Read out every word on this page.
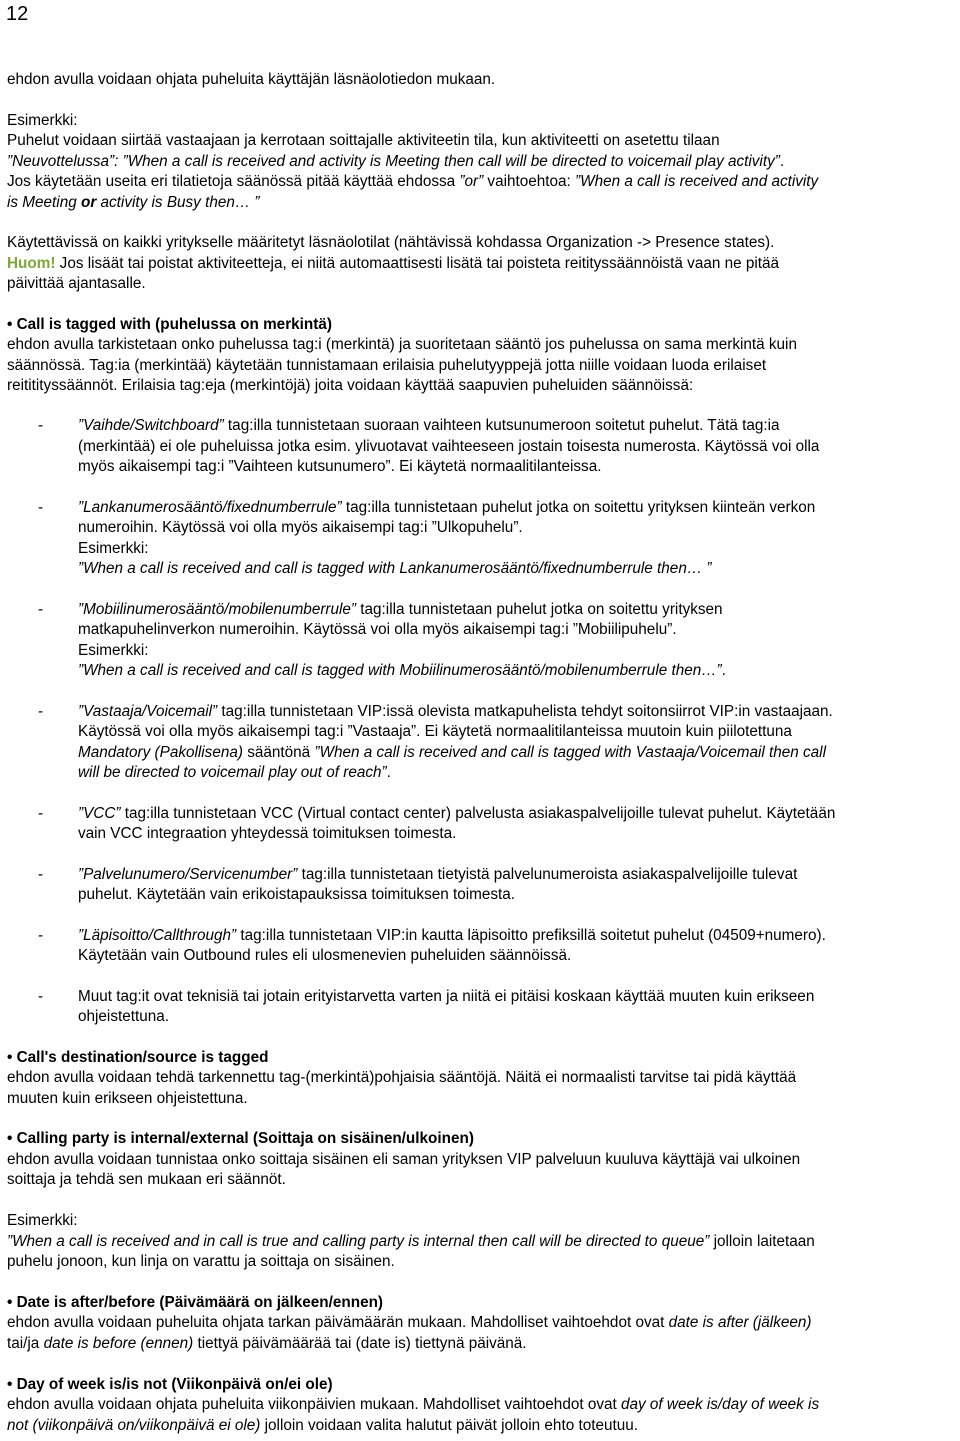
12
ehdon avulla voidaan ohjata puheluita käyttäjän läsnäolotiedon mukaan.
Esimerkki:
Puhelut voidaan siirtää vastaajaan ja kerrotaan soittajalle aktiviteetin tila, kun aktiviteetti on asetettu tilaan
”Neuvottelussa”: ”When a call is received and activity is Meeting then call will be directed to voicemail play activity”.
Jos käytetään useita eri tilatietoja säänössä pitää käyttää ehdossa ”or” vaihtoehtoa: ”When a call is received and activity
is Meeting or activity is Busy then… ”
Käytettävissä on kaikki yritykselle määritetyt läsnäolotilat (nähtävissä kohdassa Organization -> Presence states).
Huom! Jos lisäät tai poistat aktiviteetteja, ei niitä automaattisesti lisätä tai poisteta reitityssäännöistä vaan ne pitää
päivittää ajantasalle.
• Call is tagged with (puhelussa on merkintä)
ehdon avulla tarkistetaan onko puhelussa tag:i (merkintä) ja suoritetaan sääntö jos puhelussa on sama merkintä kuin
säännössä. Tag:ia (merkintää) käytetään tunnistamaan erilaisia puhelutyyppejä jotta niille voidaan luoda erilaiset
reititityssäännöt. Erilaisia tag:eja (merkintöjä) joita voidaan käyttää saapuvien puheluiden säännöissä:
- ”Vaihde/Switchboard” tag:illa tunnistetaan suoraan vaihteen kutsunumeroon soitetut puhelut. Tätä tag:ia
(merkintää) ei ole puheluissa jotka esim. ylivuotavat vaihteeseen jostain toisesta numerosta. Käytössä voi olla
myös aikaisempi tag:i ”Vaihteen kutsunumero”. Ei käytetä normaalitilanteissa.
- ”Lankanumerosääntö/fixednumberrule” tag:illa tunnistetaan puhelut jotka on soitettu yrityksen kiinteän verkon
numeroihin. Käytössä voi olla myös aikaisempi tag:i ”Ulkopuhelu”.
Esimerkki:
”When a call is received and call is tagged with Lankanumerosääntö/fixednumberrule then… ”
- ”Mobiilinumerosääntö/mobilenumberrule” tag:illa tunnistetaan puhelut jotka on soitettu yrityksen
matkapuhelinverkon numeroihin. Käytössä voi olla myös aikaisempi tag:i ”Mobiilipuhelu”.
Esimerkki:
”When a call is received and call is tagged with Mobiilinumerosääntö/mobilenumberrule then…”.
- ”Vastaaja/Voicemail” tag:illa tunnistetaan VIP:issä olevista matkapuhelista tehdyt soitonsiirrot VIP:in vastaajaan.
Käytössä voi olla myös aikaisempi tag:i ”Vastaaja”. Ei käytetä normaalitilanteissa muutoin kuin piilotettuna
Mandatory (Pakollisena) sääntönä ”When a call is received and call is tagged with Vastaaja/Voicemail then call
will be directed to voicemail play out of reach”.
- ”VCC” tag:illa tunnistetaan VCC (Virtual contact center) palvelusta asiakaspalvelijoille tulevat puhelut. Käytetään
vain VCC integraation yhteydessä toimituksen toimesta.
- ”Palvelunumero/Servicenumber” tag:illa tunnistetaan tietyistä palvelunumeroista asiakaspalvelijoille tulevat
puhelut. Käytetään vain erikoistapauksissa toimituksen toimesta.
- ”Läpisoitto/Callthrough” tag:illa tunnistetaan VIP:in kautta läpisoitto prefiksillä soitetut puhelut (04509+numero).
Käytetään vain Outbound rules eli ulosmenevien puheluiden säännöissä.
- Muut tag:it ovat teknisiä tai jotain erityistarvetta varten ja niitä ei pitäisi koskaan käyttää muuten kuin erikseen
ohjeistettuna.
• Call's destination/source is tagged
ehdon avulla voidaan tehdä tarkennettu tag-(merkintä)pohjaisia sääntöjä. Näitä ei normaalisti tarvitse tai pidä käyttää
muuten kuin erikseen ohjeistettuna.
• Calling party is internal/external (Soittaja on sisäinen/ulkoinen)
ehdon avulla voidaan tunnistaa onko soittaja sisäinen eli saman yrityksen VIP palveluun kuuluva käyttäjä vai ulkoinen
soittaja ja tehdä sen mukaan eri säännöt.
Esimerkki:
”When a call is received and in call is true and calling party is internal then call will be directed to queue” jolloin laitetaan
puhelu jonoon, kun linja on varattu ja soittaja on sisäinen.
• Date is after/before (Päivämäärä on jälkeen/ennen)
ehdon avulla voidaan puheluita ohjata tarkan päivämäärän mukaan. Mahdolliset vaihtoehdot ovat date is after (jälkeen)
tai/ja date is before (ennen) tiettyä päivämäärää tai (date is) tiettynä päivänä.
• Day of week is/is not (Viikonpäivä on/ei ole)
ehdon avulla voidaan ohjata puheluita viikonpäivien mukaan. Mahdolliset vaihtoehdot ovat day of week is/day of week is
not (viikonpäivä on/viikonpäivä ei ole) jolloin voidaan valita halutut päivät jolloin ehto toteutuu.
